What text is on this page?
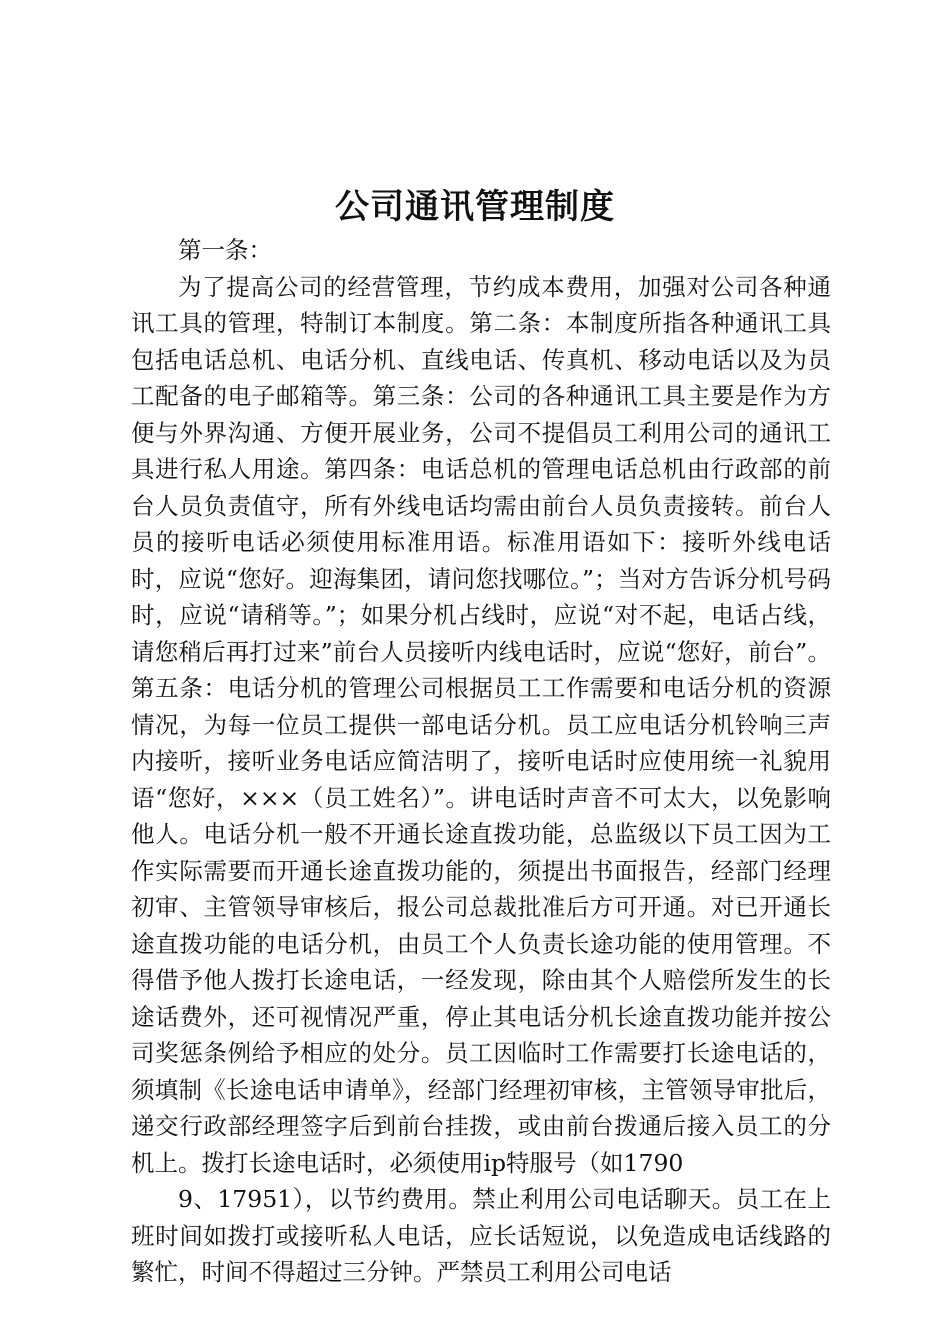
公司通讯管理制度

第一条：

为了提高公司的经营管理，节约成本费用，加强对公司各种通讯工具的管理，特制订本制度。第二条：本制度所指各种通讯工具包括电话总机、电话分机、直线电话、传真机、移动电话以及为员工配备的电子邮箱等。第三条：公司的各种通讯工具主要是作为方便与外界沟通、方便开展业务，公司不提倡员工利用公司的通讯工具进行私人用途。第四条：电话总机的管理电话总机由行政部的前台人员负责值守，所有外线电话均需由前台人员负责接转。前台人员的接听电话必须使用标准用语。标准用语如下：接听外线电话时，应说“您好。迎海集团，请问您找哪位。”；当对方告诉分机号码时，应说“请稍等。”；如果分机占线时，应说“对不起，电话占线，请您稍后再打过来”前台人员接听内线电话时，应说“您好，前台”。第五条：电话分机的管理公司根据员工工作需要和电话分机的资源情况，为每一位员工提供一部电话分机。员工应电话分机铃响三声内接听，接听业务电话应简洁明了，接听电话时应使用统一礼貌用语“您好，×××（员工姓名）”。讲电话时声音不可太大，以免影响他人。电话分机一般不开通长途直拨功能，总监级以下员工因为工作实际需要而开通长途直拨功能的，须提出书面报告，经部门经理初审、主管领导审核后，报公司总裁批准后方可开通。对已开通长途直拨功能的电话分机，由员工个人负责长途功能的使用管理。不得借予他人拨打长途电话，一经发现，除由其个人赔偿所发生的长途话费外，还可视情况严重，停止其电话分机长途直拨功能并按公司奖惩条例给予相应的处分。员工因临时工作需要打长途电话的，须填制《长途电话申请单》，经部门经理初审核，主管领导审批后，递交行政部经理签字后到前台挂拨，或由前台拨通后接入员工的分机上。拨打长途电话时，必须使用ip特服号（如1790

9、17951），以节约费用。禁止利用公司电话聊天。员工在上班时间如拨打或接听私人电话，应长话短说，以免造成电话线路的繁忙，时间不得超过三分钟。严禁员工利用公司电话
